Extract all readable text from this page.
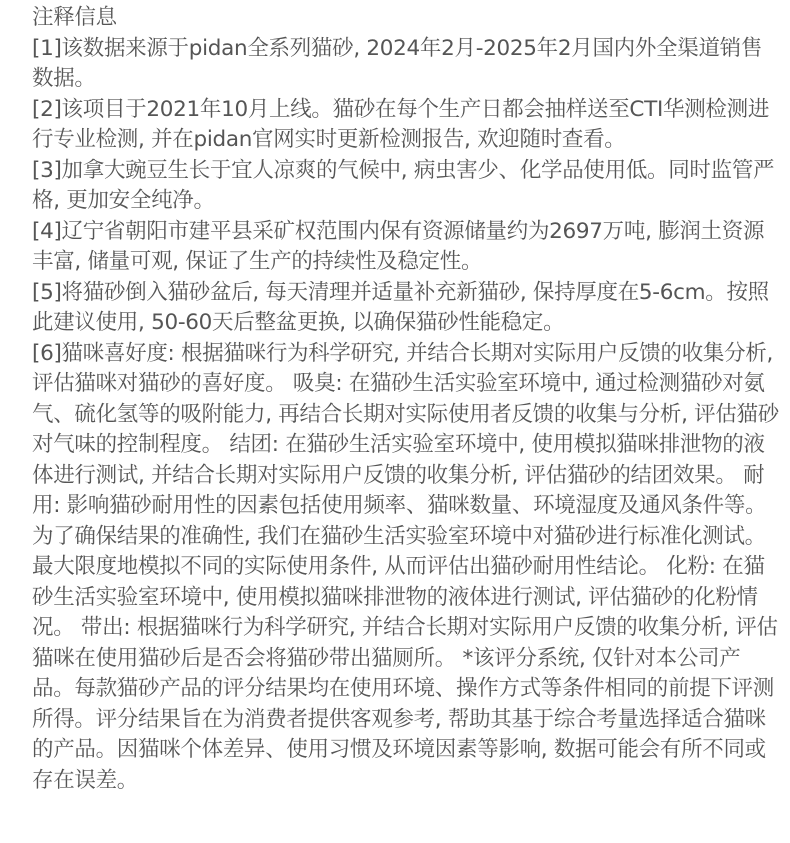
注释信息

[1]该数据来源于pidan全系列猫砂, 2024年2月-2025年2月国内外全渠道销售数据。

[2]该项目于2021年10月上线。猫砂在每个生产日都会抽样送至CTI华测检测进行专业检测, 并在pidan官网实时更新检测报告, 欢迎随时查看。

[3]加拿大豌豆生长于宜人凉爽的气候中, 病虫害少、化学品使用低。同时监管严格, 更加安全纯净。

[4]辽宁省朝阳市建平县采矿权范围内保有资源储量约为2697万吨, 膨润土资源丰富, 储量可观, 保证了生产的持续性及稳定性。

[5]将猫砂倒入猫砂盆后, 每天清理并适量补充新猫砂, 保持厚度在5-6cm。按照此建议使用, 50-60天后整盆更换, 以确保猫砂性能稳定。

[6]猫咪喜好度: 根据猫咪行为科学研究, 并结合长期对实际用户反馈的收集分析, 评估猫咪对猫砂的喜好度。 吸臭: 在猫砂生活实验室环境中, 通过检测猫砂对氨气、硫化氢等的吸附能力, 再结合长期对实际使用者反馈的收集与分析, 评估猫砂对气味的控制程度。 结团: 在猫砂生活实验室环境中, 使用模拟猫咪排泄物的液体进行测试, 并结合长期对实际用户反馈的收集分析, 评估猫砂的结团效果。 耐用: 影响猫砂耐用性的因素包括使用频率、猫咪数量、环境湿度及通风条件等。为了确保结果的准确性, 我们在猫砂生活实验室环境中对猫砂进行标准化测试。最大限度地模拟不同的实际使用条件, 从而评估出猫砂耐用性结论。 化粉: 在猫砂生活实验室环境中, 使用模拟猫咪排泄物的液体进行测试, 评估猫砂的化粉情况。 带出: 根据猫咪行为科学研究, 并结合长期对实际用户反馈的收集分析, 评估猫咪在使用猫砂后是否会将猫砂带出猫厕所。 *该评分系统, 仅针对本公司产品。每款猫砂产品的评分结果均在使用环境、操作方式等条件相同的前提下评测所得。评分结果旨在为消费者提供客观参考, 帮助其基于综合考量选择适合猫咪的产品。因猫咪个体差异、使用习惯及环境因素等影响, 数据可能会有所不同或存在误差。
